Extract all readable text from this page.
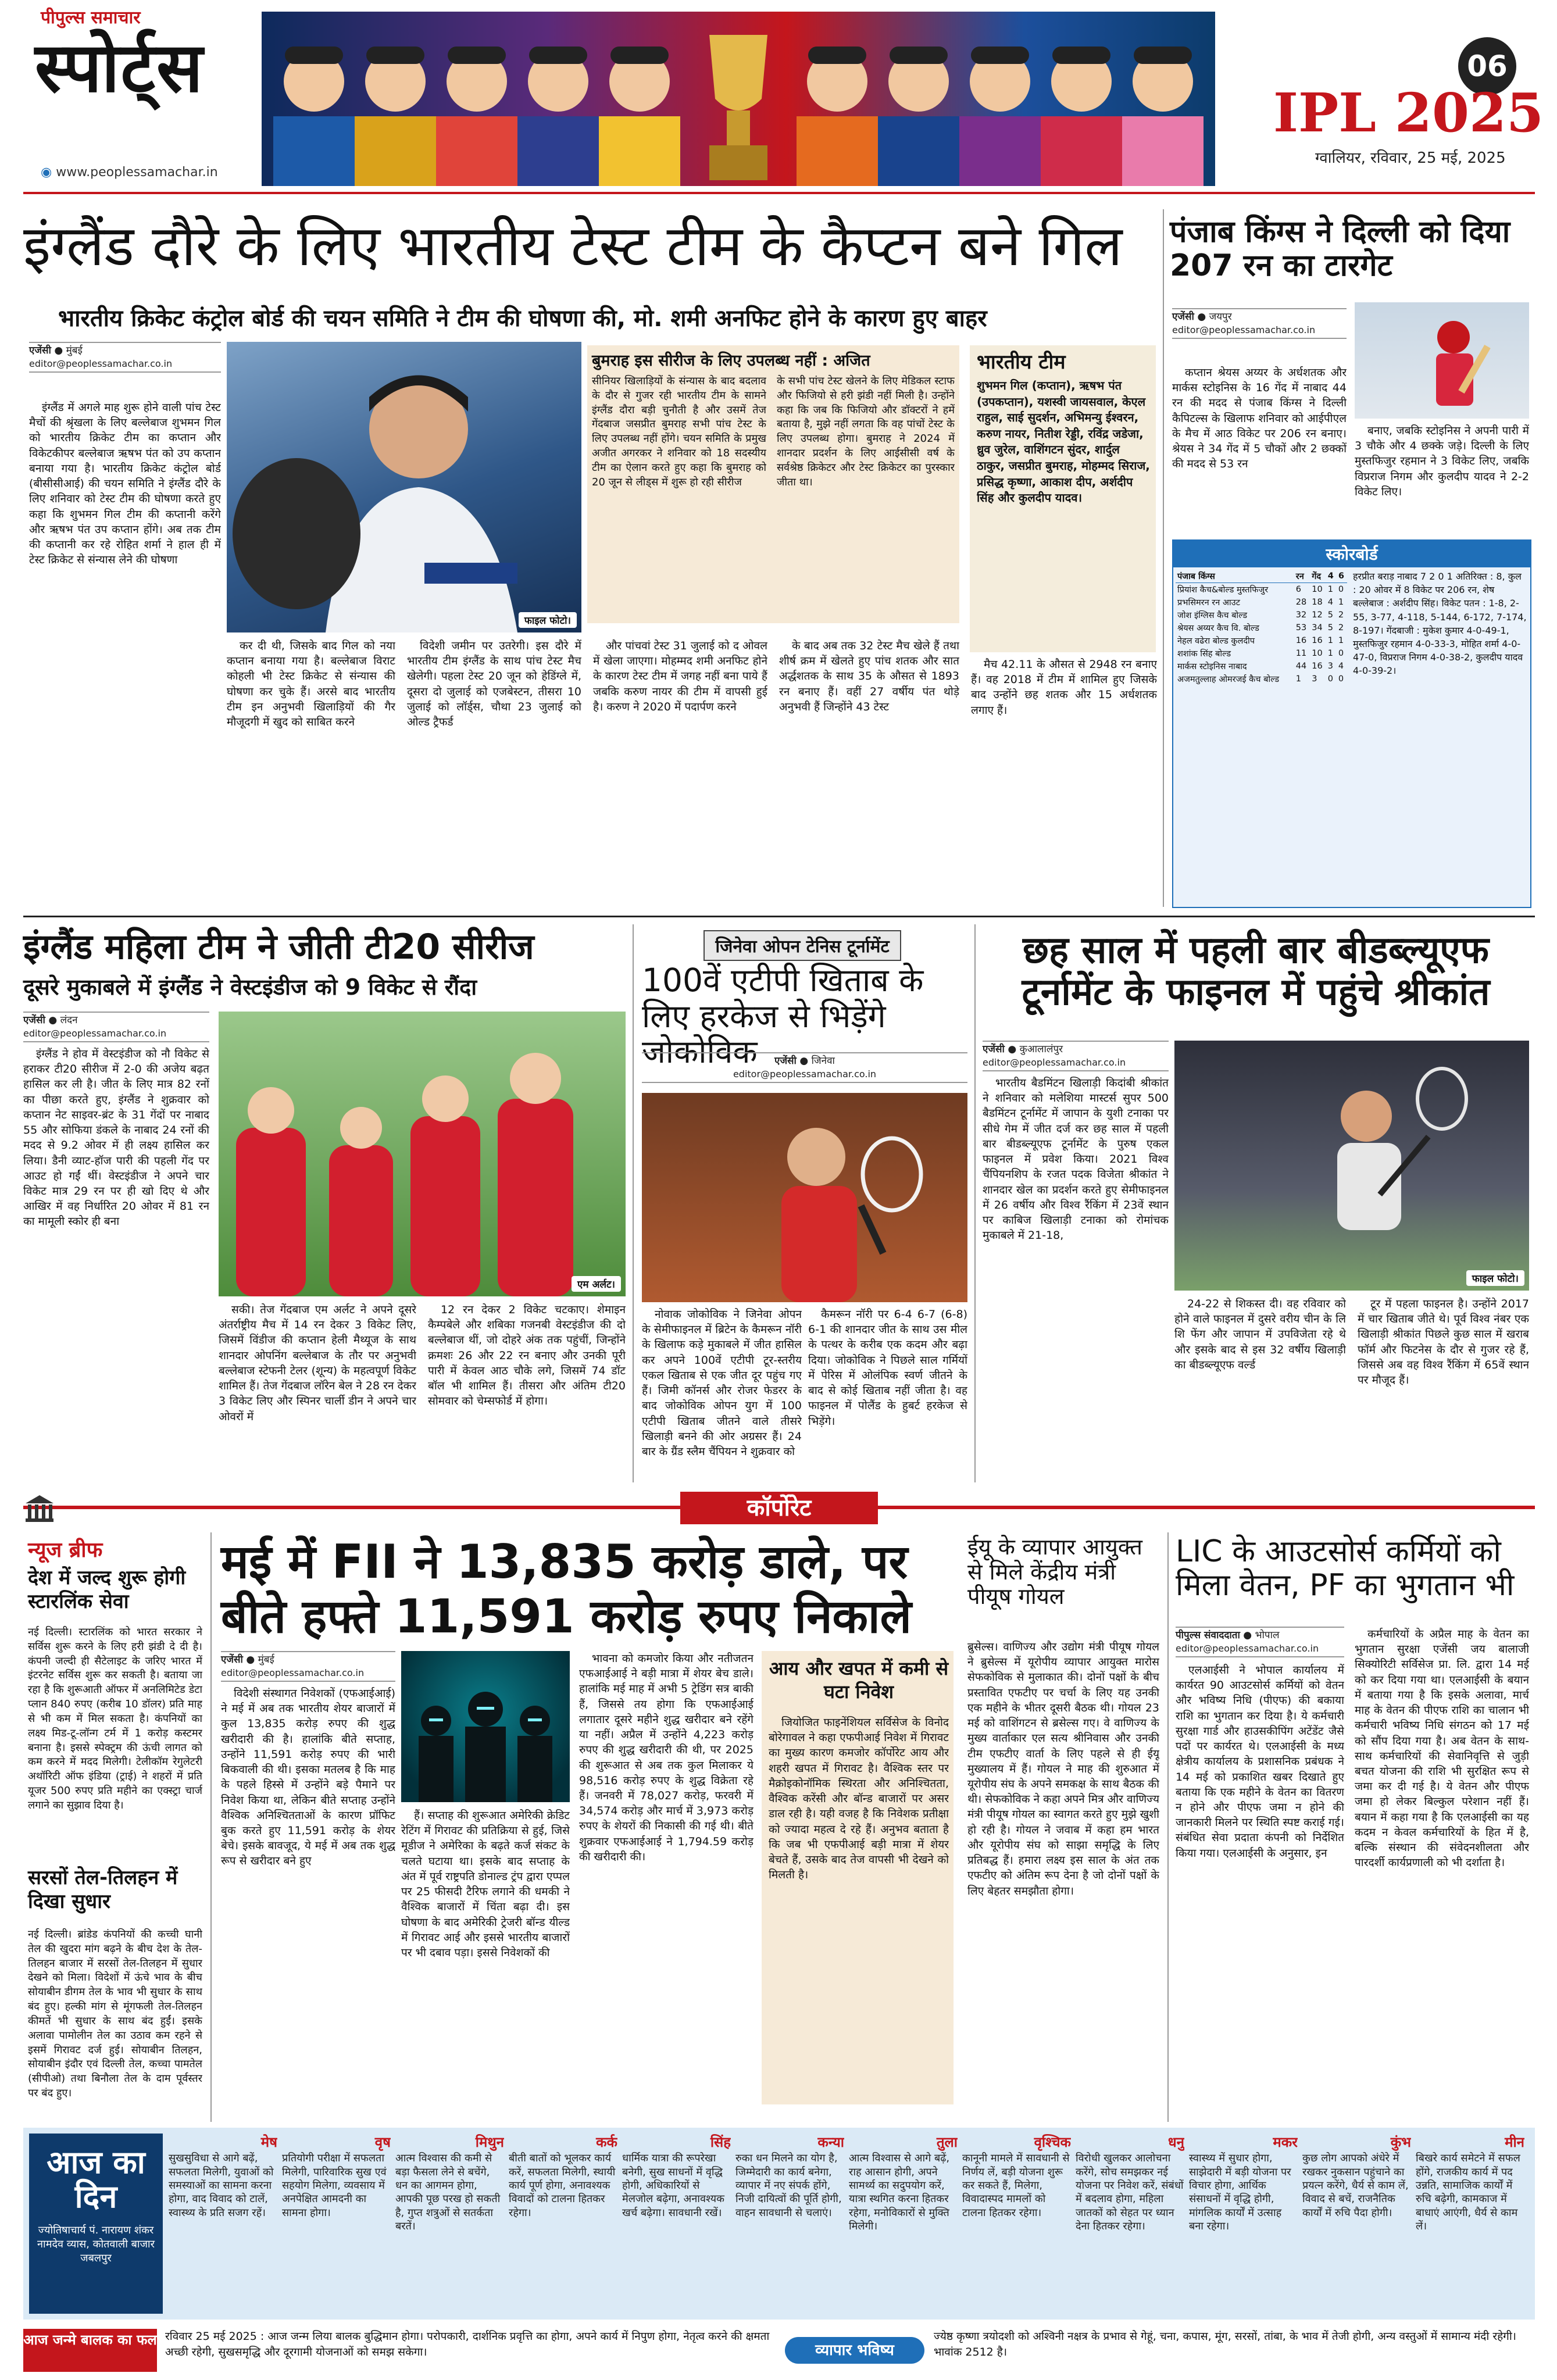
पीपुल्स समाचार
स्पोर्ट्स
◉ www.peoplessamachar.in
06
IPL 2025
ग्वालियर, रविवार, 25 मई, 2025
इंग्लैंड दौरे के लिए भारतीय टेस्ट टीम के कैप्टन बने गिल
भारतीय क्रिकेट कंट्रोल बोर्ड की चयन समिति ने टीम की घोषणा की, मो. शमी अनफिट होने के कारण हुए बाहर
एजेंसी ● मुंबई
editor@peoplessamachar.co.in

इंग्लैंड में अगले माह शुरू होने वाली पांच टेस्ट मैचों की श्रृंखला के लिए बल्लेबाज शुभमन गिल को भारतीय क्रिकेट टीम का कप्तान और विकेटकीपर बल्लेबाज ऋषभ पंत को उप कप्तान बनाया गया है। भारतीय क्रिकेट कंट्रोल बोर्ड (बीसीसीआई) की चयन समिति ने इंग्लैंड दौरे के लिए शनिवार को टेस्ट टीम की घोषणा करते हुए कहा कि शुभमन गिल टीम की कप्तानी करेंगे और ऋषभ पंत उप कप्तान होंगे। अब तक टीम की कप्तानी कर रहे रोहित शर्मा ने हाल ही में टेस्ट क्रिकेट से संन्यास लेने की घोषणा

फाइल फोटो।

कर दी थी, जिसके बाद गिल को नया कप्तान बनाया गया है। बल्लेबाज विराट कोहली भी टेस्ट क्रिकेट से संन्यास की घोषणा कर चुके हैं। अरसे बाद भारतीय टीम इन अनुभवी खिलाड़ियों की गैर मौजूदगी में खुद को साबित करने

विदेशी जमीन पर उतरेगी। इस दौरे में भारतीय टीम इंग्लैंड के साथ पांच टेस्ट मैच खेलेगी। पहला टेस्ट 20 जून को हेडिंग्ले में, दूसरा दो जुलाई को एजबेस्टन, तीसरा 10 जुलाई को लॉर्ड्स, चौथा 23 जुलाई को ओल्ड ट्रैफर्ड

और पांचवां टेस्ट 31 जुलाई को द ओवल में खेला जाएगा। मोहम्मद शमी अनफिट होने के कारण टेस्ट टीम में जगह नहीं बना पाये हैं जबकि करुण नायर की टीम में वापसी हुई है। करुण ने 2020 में पदार्पण करने

बुमराह इस सीरीज के लिए उपलब्ध नहीं : अजित

सीनियर खिलाड़ियों के संन्यास के बाद बदलाव के दौर से गुजर रही भारतीय टीम के सामने इंग्लैंड दौरा बड़ी चुनौती है और उसमें तेज गेंदबाज जसप्रीत बुमराह सभी पांच टेस्ट के लिए उपलब्ध नहीं होंगे। चयन समिति के प्रमुख अजीत अगरकर ने शनिवार को 18 सदस्यीय टीम का ऐलान करते हुए कहा कि बुमराह को 20 जून से लीड्स में शुरू हो रही सीरीज

के सभी पांच टेस्ट खेलने के लिए मेडिकल स्टाफ और फिजियो से हरी झंडी नहीं मिली है। उन्होंने कहा कि जब कि फिजियो और डॉक्टरों ने हमें बताया है, मुझे नहीं लगता कि वह पांचों टेस्ट के लिए उपलब्ध होगा। बुमराह ने 2024 में शानदार प्रदर्शन के लिए आईसीसी वर्ष के सर्वश्रेष्ठ क्रिकेटर और टेस्ट क्रिकेटर का पुरस्कार जीता था।

के बाद अब तक 32 टेस्ट मैच खेले हैं तथा शीर्ष क्रम में खेलते हुए पांच शतक और सात अर्द्धशतक के साथ 35 के औसत से 1893 रन बनाए हैं। वहीं 27 वर्षीय पंत थोड़े अनुभवी हैं जिन्होंने 43 टेस्ट

भारतीय टीम

शुभमन गिल (कप्तान), ऋषभ पंत (उपकप्तान), यशस्वी जायसवाल, केएल राहुल, साई सुदर्शन, अभिमन्यु ईश्वरन, करुण नायर, नितीश रेड्डी, रविंद्र जडेजा, ध्रुव जुरेल, वाशिंगटन सुंदर, शार्दुल ठाकुर, जसप्रीत बुमराह, मोहम्मद सिराज, प्रसिद्ध कृष्णा, आकाश दीप, अर्शदीप सिंह और कुलदीप यादव।

मैच 42.11 के औसत से 2948 रन बनाए हैं। वह 2018 में टीम में शामिल हुए जिसके बाद उन्होंने छह शतक और 15 अर्धशतक लगाए हैं।

पंजाब किंग्स ने दिल्ली को दिया 207 रन का टारगेट
एजेंसी ● जयपुर
editor@peoplessamachar.co.in

कप्तान श्रेयस अय्यर के अर्धशतक और मार्कस स्टोइनिस के 16 गेंद में नाबाद 44 रन की मदद से पंजाब किंग्स ने दिल्ली कैपिटल्स के खिलाफ शनिवार को आईपीएल के मैच में आठ विकेट पर 206 रन बनाए। श्रेयस ने 34 गेंद में 5 चौकों और 2 छक्कों की मदद से 53 रन

बनाए, जबकि स्टोइनिस ने अपनी पारी में 3 चौके और 4 छक्के जड़े। दिल्ली के लिए मुस्तफिजुर रहमान ने 3 विकेट लिए, जबकि विप्रराज निगम और कुलदीप यादव ने 2-2 विकेट लिए।

स्कोरबोर्ड
पंजाब किंग्स	रन	गेंद	4	6
प्रियांश कैच&बोल्ड मुस्तफिजुर	6	10	1	0
प्रभसिमरन रन आउट	28	18	4	1
जोश इंग्लिस कैच बोल्ड	32	12	5	2
श्रेयस अय्यर कैच वि. बोल्ड	53	34	5	2
नेहल वढेरा बोल्ड कुलदीप	16	16	1	1
शशांक सिंह बोल्ड	11	10	1	0
मार्कस स्टोइनिस नाबाद	44	16	3	4
अजमतुल्लाह ओमरजई कैच बोल्ड	1	3	0	0

हरप्रीत बराड़ नाबाद 7 2 0 1 अतिरिक्त : 8, कुल : 20 ओवर में 8 विकेट पर 206 रन, शेष बल्लेबाज : अर्शदीप सिंह। विकेट पतन : 1-8, 2-55, 3-77, 4-118, 5-144, 6-172, 7-174, 8-197। गेंदबाजी : मुकेश कुमार 4-0-49-1, मुस्तफिजुर रहमान 4-0-33-3, मोहित शर्मा 4-0-47-0, विप्रराज निगम 4-0-38-2, कुलदीप यादव 4-0-39-2।

इंग्लैंड महिला टीम ने जीती टी20 सीरीज
दूसरे मुकाबले में इंग्लैंड ने वेस्टइंडीज को 9 विकेट से रौंदा
एजेंसी ● लंदन
editor@peoplessamachar.co.in

इंग्लैंड ने होव में वेस्टइंडीज को नौ विकेट से हराकर टी20 सीरीज में 2-0 की अजेय बढ़त हासिल कर ली है। जीत के लिए मात्र 82 रनों का पीछा करते हुए, इंग्लैंड ने शुक्रवार को कप्तान नेट साइवर-ब्रंट के 31 गेंदों पर नाबाद 55 और सोफिया डंकले के नाबाद 24 रनों की मदद से 9.2 ओवर में ही लक्ष्य हासिल कर लिया। डैनी व्याट-हॉज पारी की पहली गेंद पर आउट हो गईं थीं। वेस्टइंडीज ने अपने चार विकेट मात्र 29 रन पर ही खो दिए थे और आखिर में वह निर्धारित 20 ओवर में 81 रन का मामूली स्कोर ही बना

एम अर्लट।

सकी। तेज गेंदबाज एम अर्लट ने अपने दूसरे अंतर्राष्ट्रीय मैच में 14 रन देकर 3 विकेट लिए, जिसमें विंडीज की कप्तान हेली मैथ्यूज के साथ शानदार ओपनिंग बल्लेबाज के तौर पर अनुभवी बल्लेबाज स्टेफनी टेलर (शून्य) के महत्वपूर्ण विकेट शामिल हैं। तेज गेंदबाज लॉरेन बेल ने 28 रन देकर 3 विकेट लिए और स्पिनर चार्ली डीन ने अपने चार ओवरों में

12 रन देकर 2 विकेट चटकाए। शेमाइन कैम्पबेले और शबिका गजनबी वेस्टइंडीज की दो बल्लेबाज थीं, जो दोहरे अंक तक पहुंचीं, जिन्होंने क्रमशः 26 और 22 रन बनाए और उनकी पूरी पारी में केवल आठ चौके लगे, जिसमें 74 डॉट बॉल भी शामिल हैं। तीसरा और अंतिम टी20 सोमवार को चेम्सफोर्ड में होगा।

जिनेवा ओपन टेनिस टूर्नामेंट
100वें एटीपी खिताब के लिए हरकेज से भिड़ेंगे जोकोविक	एजेंसी ● जिनेवा
editor@peoplessamachar.co.in
छह साल में पहली बार बीडब्ल्यूएफ टूर्नामेंट के फाइनल में पहुंचे श्रीकांत
एजेंसी ● कुआलालंपुर
editor@peoplessamachar.co.in

भारतीय बैडमिंटन खिलाड़ी किदांबी श्रीकांत ने शनिवार को मलेशिया मास्टर्स सुपर 500 बैडमिंटन टूर्नामेंट में जापान के युशी टनाका पर सीधे गेम में जीत दर्ज कर छह साल में पहली बार बीडब्ल्यूएफ टूर्नामेंट के पुरुष एकल फाइनल में प्रवेश किया। 2021 विश्व चैंपियनशिप के रजत पदक विजेता श्रीकांत ने शानदार खेल का प्रदर्शन करते हुए सेमीफाइनल में 26 वर्षीय और विश्व रैंकिंग में 23वें स्थान पर काबिज खिलाड़ी टनाका को रोमांचक मुकाबले में 21-18,

फाइल फोटो।

24-22 से शिकस्त दी। वह रविवार को होने वाले फाइनल में दुसरे वरीय चीन के लि शि फेंग और जापान में उपविजेता रहे थे और इसके बाद से इस 32 वर्षीय खिलाड़ी का बीडब्ल्यूएफ वर्ल्ड

टूर में पहला फाइनल है। उन्होंने 2017 में चार खिताब जीते थे। पूर्व विश्व नंबर एक खिलाड़ी श्रीकांत पिछले कुछ साल में खराब फॉर्म और फिटनेस के दौर से गुजर रहे हैं, जिससे अब वह विश्व रैंकिंग में 65वें स्थान पर मौजूद हैं।

कॉर्पोरेट
न्यूज ब्रीफ
देश में जल्द शुरू होगी स्टारलिंक सेवा

नई दिल्ली। स्टारलिंक को भारत सरकार ने सर्विस शुरू करने के लिए हरी झंडी दे दी है। कंपनी जल्दी ही सैटेलाइट के जरिए भारत में इंटरनेट सर्विस शुरू कर सकती है। बताया जा रहा है कि शुरूआती ऑफर में अनलिमिटेड डेटा प्लान 840 रुपए (करीब 10 डॉलर) प्रति माह से भी कम में मिल सकता है। कंपनियों का लक्ष्य मिड-टू-लॉन्ग टर्म में 1 करोड़ कस्टमर बनाना है। इससे स्पेक्ट्रम की ऊंची लागत को कम करने में मदद मिलेगी। टेलीकॉम रेगुलेटरी अथॉरिटी ऑफ इंडिया (ट्राई) ने शहरों में प्रति यूजर 500 रुपए प्रति महीने का एक्स्ट्रा चार्ज लगाने का सुझाव दिया है।

सरसों तेल-तिलहन में दिखा सुधार

नई दिल्ली। ब्रांडेड कंपनियों की कच्ची घानी तेल की खुदरा मांग बढ़ने के बीच देश के तेल-तिलहन बाजार में सरसों तेल-तिलहन में सुधार देखने को मिला। विदेशों में ऊंचे भाव के बीच सोयाबीन डीगम तेल के भाव भी सुधार के साथ बंद हुए। हल्की मांग से मूंगफली तेल-तिलहन कीमतें भी सुधार के साथ बंद हुईं। इसके अलावा पामोलीन तेल का उठाव कम रहने से इसमें गिरावट दर्ज हुई। सोयाबीन तिलहन, सोयाबीन इंदौर एवं दिल्ली तेल, कच्चा पामतेल (सीपीओ) तथा बिनौला तेल के दाम पूर्वस्तर पर बंद हुए।

मई में FII ने 13,835 करोड़ डाले, पर बीते हफ्ते 11,591 करोड़ रुपए निकाले
एजेंसी ● मुंबई
editor@peoplessamachar.co.in

विदेशी संस्थागत निवेशकों (एफआईआई) ने मई में अब तक भारतीय शेयर बाजारों में कुल 13,835 करोड़ रुपए की शुद्ध खरीदारी की है। हालांकि बीते सप्ताह, उन्होंने 11,591 करोड़ रुपए की भारी बिकवाली की थी। इसका मतलब है कि माह के पहले हिस्से में उन्होंने बड़े पैमाने पर निवेश किया था, लेकिन बीते सप्ताह उन्होंने वैश्विक अनिश्चितताओं के कारण प्रॉफिट बुक करते हुए 11,591 करोड़ के शेयर बेचे। इसके बावजूद, ये मई में अब तक शुद्ध रूप से खरीदार बने हुए

हैं। सप्ताह की शुरूआत अमेरिकी क्रेडिट रेटिंग में गिरावट की प्रतिक्रिया से हुई, जिसे मूडीज ने अमेरिका के बढ़ते कर्ज संकट के चलते घटाया था। इसके बाद सप्ताह के अंत में पूर्व राष्ट्रपति डोनाल्ड ट्रंप द्वारा एप्पल पर 25 फीसदी टैरिफ लगाने की धमकी ने वैश्विक बाजारों में चिंता बढ़ा दी। इस घोषणा के बाद अमेरिकी ट्रेजरी बॉन्ड यील्ड में गिरावट आई और इससे भारतीय बाजारों पर भी दबाव पड़ा। इससे निवेशकों की

भावना को कमजोर किया और नतीजतन एफआईआई ने बड़ी मात्रा में शेयर बेच डाले। हालांकि मई माह में अभी 5 ट्रेडिंग सत्र बाकी हैं, जिससे तय होगा कि एफआईआई लगातार दूसरे महीने शुद्ध खरीदार बने रहेंगे या नहीं। अप्रैल में उन्होंने 4,223 करोड़ रुपए की शुद्ध खरीदारी की थी, पर 2025 की शुरूआत से अब तक कुल मिलाकर ये 98,516 करोड़ रुपए के शुद्ध विक्रेता रहे हैं। जनवरी में 78,027 करोड़, फरवरी में 34,574 करोड़ और मार्च में 3,973 करोड़ रुपए के शेयरों की निकासी की गई थी। बीते शुक्रवार एफआईआई ने 1,794.59 करोड़ की खरीदारी की।

आय और खपत में कमी से घटा निवेश

जियोजित फाइनेंशियल सर्विसेज के विनोद बोरेगावल ने कहा एफपीआई निवेश में गिरावट का मुख्य कारण कमजोर कॉर्पोरेट आय और शहरी खपत में गिरावट है। वैश्विक स्तर पर मैक्रोइकोनॉमिक स्थिरता और अनिश्चितता, वैश्विक करेंसी और बॉन्ड बाजारों पर असर डाल रही है। यही वजह है कि निवेशक प्रतीक्षा को ज्यादा महत्व दे रहे हैं। अनुभव बताता है कि जब भी एफपीआई बड़ी मात्रा में शेयर बेचते हैं, उसके बाद तेज वापसी भी देखने को मिलती है।

ईयू के व्यापार आयुक्त से मिले केंद्रीय मंत्री पीयूष गोयल

ब्रुसेल्स। वाणिज्य और उद्योग मंत्री पीयूष गोयल ने ब्रुसेल्स में यूरोपीय व्यापार आयुक्त मारोस सेफकोविक से मुलाकात की। दोनों पक्षों के बीच प्रस्तावित एफटीए पर चर्चा के लिए यह उनकी एक महीने के भीतर दूसरी बैठक थी। गोयल 23 मई को वाशिंगटन से ब्रसेल्स गए। वे वाणिज्य के मुख्य वार्ताकार एल सत्य श्रीनिवास और उनकी टीम एफटीए वार्ता के लिए पहले से ही ईयू मुख्यालय में हैं। गोयल ने माह की शुरुआत में यूरोपीय संघ के अपने समकक्ष के साथ बैठक की थी। सेफकोविक ने कहा अपने मित्र और वाणिज्य मंत्री पीयूष गोयल का स्वागत करते हुए मुझे खुशी हो रही है। गोयल ने जवाब में कहा हम भारत और यूरोपीय संघ को साझा समृद्धि के लिए प्रतिबद्ध हैं। हमारा लक्ष्य इस साल के अंत तक एफटीए को अंतिम रूप देना है जो दोनों पक्षों के लिए बेहतर समझौता होगा।

LIC के आउटसोर्स कर्मियों को मिला वेतन, PF का भुगतान भी
पीपुल्स संवाददाता ● भोपाल
editor@peoplessamachar.co.in

एलआईसी ने भोपाल कार्यालय में कार्यरत 90 आउटसोर्स कर्मियों को वेतन और भविष्य निधि (पीएफ) की बकाया राशि का भुगतान कर दिया है। ये कर्मचारी सुरक्षा गार्ड और हाउसकीपिंग अटेंडेंट जैसे पदों पर कार्यरत थे। एलआईसी के मध्य क्षेत्रीय कार्यालय के प्रशासनिक प्रबंधक ने 14 मई को प्रकाशित खबर दिखाते हुए बताया कि एक महीने के वेतन का वितरण न होने और पीएफ जमा न होने की जानकारी मिलने पर स्थिति स्पष्ट कराई गई। संबंधित सेवा प्रदाता कंपनी को निर्देशित किया गया। एलआईसी के अनुसार, इन

कर्मचारियों के अप्रैल माह के वेतन का भुगतान सुरक्षा एजेंसी जय बालाजी सिक्योरिटी सर्विसेज प्रा. लि. द्वारा 14 मई को कर दिया गया था। एलआईसी के बयान में बताया गया है कि इसके अलावा, मार्च माह के वेतन की पीएफ राशि का चालान भी कर्मचारी भविष्य निधि संगठन को 17 मई को सौंप दिया गया है। अब वेतन के साथ-साथ कर्मचारियों की सेवानिवृत्ति से जुड़ी बचत योजना की राशि भी सुरक्षित रूप से जमा कर दी गई है। ये वेतन और पीएफ जमा हो लेकर बिल्कुल परेशान नहीं हैं। बयान में कहा गया है कि एलआईसी का यह कदम न केवल कर्मचारियों के हित में है, बल्कि संस्थान की संवेदनशीलता और पारदर्शी कार्यप्रणाली को भी दर्शाता है।

आज का दिन
ज्योतिषाचार्य पं. नारायण शंकर नामदेव व्यास, कोतवाली बाजार जबलपुर
मेष
सुखसुविधा से आगे बढ़ें, सफलता मिलेगी, युवाओं को समस्याओं का सामना करना होगा, वाद विवाद को टालें, स्वास्थ्य के प्रति सजग रहें।
वृष
प्रतियोगी परीक्षा में सफलता मिलेगी, पारिवारिक सुख एवं सहयोग मिलेगा, व्यवसाय में अनपेक्षित आमदनी का सामना होगा।
मिथुन
आत्म विश्वास की कमी से बड़ा फैसला लेने से बचेंगे, धन का आगमन होगा, आपकी पूछ परख हो सकती है, गुप्त शत्रुओं से सतर्कता बरतें।
कर्क
बीती बातों को भूलकर कार्य करें, सफलता मिलेगी, स्थायी कार्य पूर्ण होगा, अनावश्यक विवादों को टालना हितकर रहेगा।
सिंह
धार्मिक यात्रा की रूपरेखा बनेगी, सुख साधनों में वृद्धि होगी, अधिकारियों से मेलजोल बढ़ेगा, अनावश्यक खर्च बढ़ेगा। सावधानी रखें।
कन्या
रुका धन मिलने का योग है, जिम्मेदारी का कार्य बनेगा, व्यापार में नए संपर्क होंगे, निजी दायित्वों की पूर्ति होगी, वाहन सावधानी से चलाएं।
तुला
आत्म विश्वास से आगे बढ़ें, राह आसान होगी, अपने सामर्थ्य का सदुपयोग करें, यात्रा स्थगित करना हितकर रहेगा, मनोविकारों से मुक्ति मिलेगी।
वृश्चिक
कानूनी मामले में सावधानी से निर्णय लें, बड़ी योजना शुरू कर सकते हैं, मिलेगा, विवादास्पद मामलों को टालना हितकर रहेगा।
धनु
विरोधी खुलकर आलोचना करेंगे, सोच समझकर नई योजना पर निवेश करें, संबंधों में बदलाव होगा, महिला जातकों को सेहत पर ध्यान देना हितकर रहेगा।
मकर
स्वास्थ्य में सुधार होगा, साझेदारी में बड़ी योजना पर विचार होगा, आर्थिक संसाधनों में वृद्धि होगी, मांगलिक कार्यों में उत्साह बना रहेगा।
कुंभ
कुछ लोग आपको अंधेरे में रखकर नुकसान पहुंचाने का प्रयत्न करेंगे, धैर्य से काम लें, विवाद से बचें, राजनैतिक कार्यों में रुचि पैदा होगी।
मीन
बिखरे कार्य समेटने में सफल होंगे, राजकीय कार्य में पद उन्नति, सामाजिक कार्यों में रुचि बढ़ेगी, कामकाज में बाधाएं आएंगी, धैर्य से काम लें।
आज जन्मे बालक का फल रविवार 25 मई 2025 : आज जन्म लिया बालक बुद्धिमान होगा। परोपकारी, दार्शनिक प्रवृत्ति का होगा, अपने कार्य में निपुण होगा, नेतृत्व करने की क्षमता अच्छी रहेगी, सुखसमृद्धि और दूरगामी योजनाओं को समझ सकेगा।	व्यापार भविष्य
ज्येष्ठ कृष्णा त्रयोदशी को अश्विनी नक्षत्र के प्रभाव से गेहूं, चना, कपास, मूंग, सरसों, तांबा, के भाव में तेजी होगी, अन्य वस्तुओं में सामान्य मंदी रहेगी। भावांक 2512 है।

नोवाक जोकोविक ने जिनेवा ओपन के सेमीफाइनल में ब्रिटेन के कैमरून नॉरी के खिलाफ कड़े मुकाबले में जीत हासिल कर अपने 100वें एटीपी टूर-स्तरीय एकल खिताब से एक जीत दूर पहुंच गए हैं। जिमी कॉनर्स और रोजर फेडरर के बाद जोकोविक ओपन युग में 100 एटीपी खिताब जीतने वाले तीसरे खिलाड़ी बनने की ओर अग्रसर हैं। 24 बार के ग्रैंड स्लैम चैंपियन ने शुक्रवार को

कैमरून नॉरी पर 6-4 6-7 (6-8) 6-1 की शानदार जीत के साथ उस मील के पत्थर के करीब एक कदम और बढ़ा दिया। जोकोविक ने पिछले साल गर्मियों में पेरिस में ओलंपिक स्वर्ण जीतने के बाद से कोई खिताब नहीं जीता है। वह फाइनल में पोलैंड के हुबर्ट हरकेज से भिड़ेंगे।
